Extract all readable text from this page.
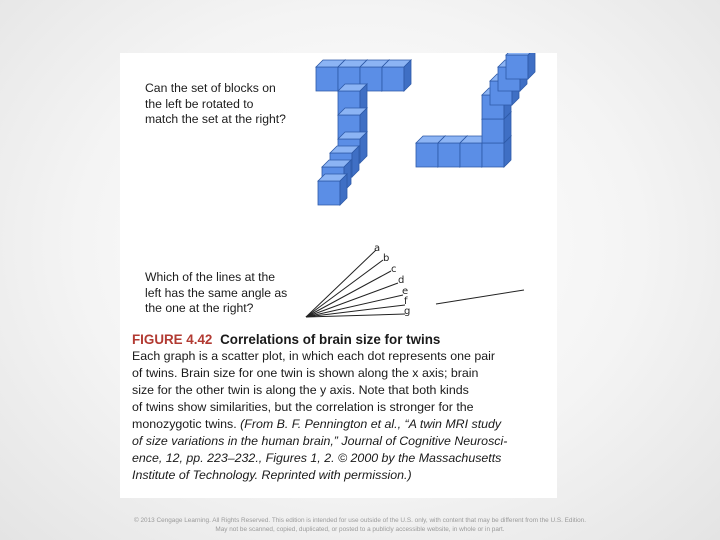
Can the set of blocks on
the left be rotated to
match the set at the right?
a
b
c
d
e
f
g
Which of the lines at the
left has the same angle as
the one at the right?
FIGURE 4.42 Correlations of brain size for twins
Each graph is a scatter plot, in which each dot represents one pair
of twins. Brain size for one twin is shown along the x axis; brain
size for the other twin is along the y axis. Note that both kinds
of twins show similarities, but the correlation is stronger for the
monozygotic twins. (From B. F. Pennington et al., “A twin MRI study
of size variations in the human brain,” Journal of Cognitive Neurosci-
ence, 12, pp. 223–232., Figures 1, 2. © 2000 by the Massachusetts
Institute of Technology. Reprinted with permission.)
© 2013 Cengage Learning. All Rights Reserved. This edition is intended for use outside of the U.S. only, with content that may be different from the U.S. Edition.
May not be scanned, copied, duplicated, or posted to a publicly accessible website, in whole or in part.
